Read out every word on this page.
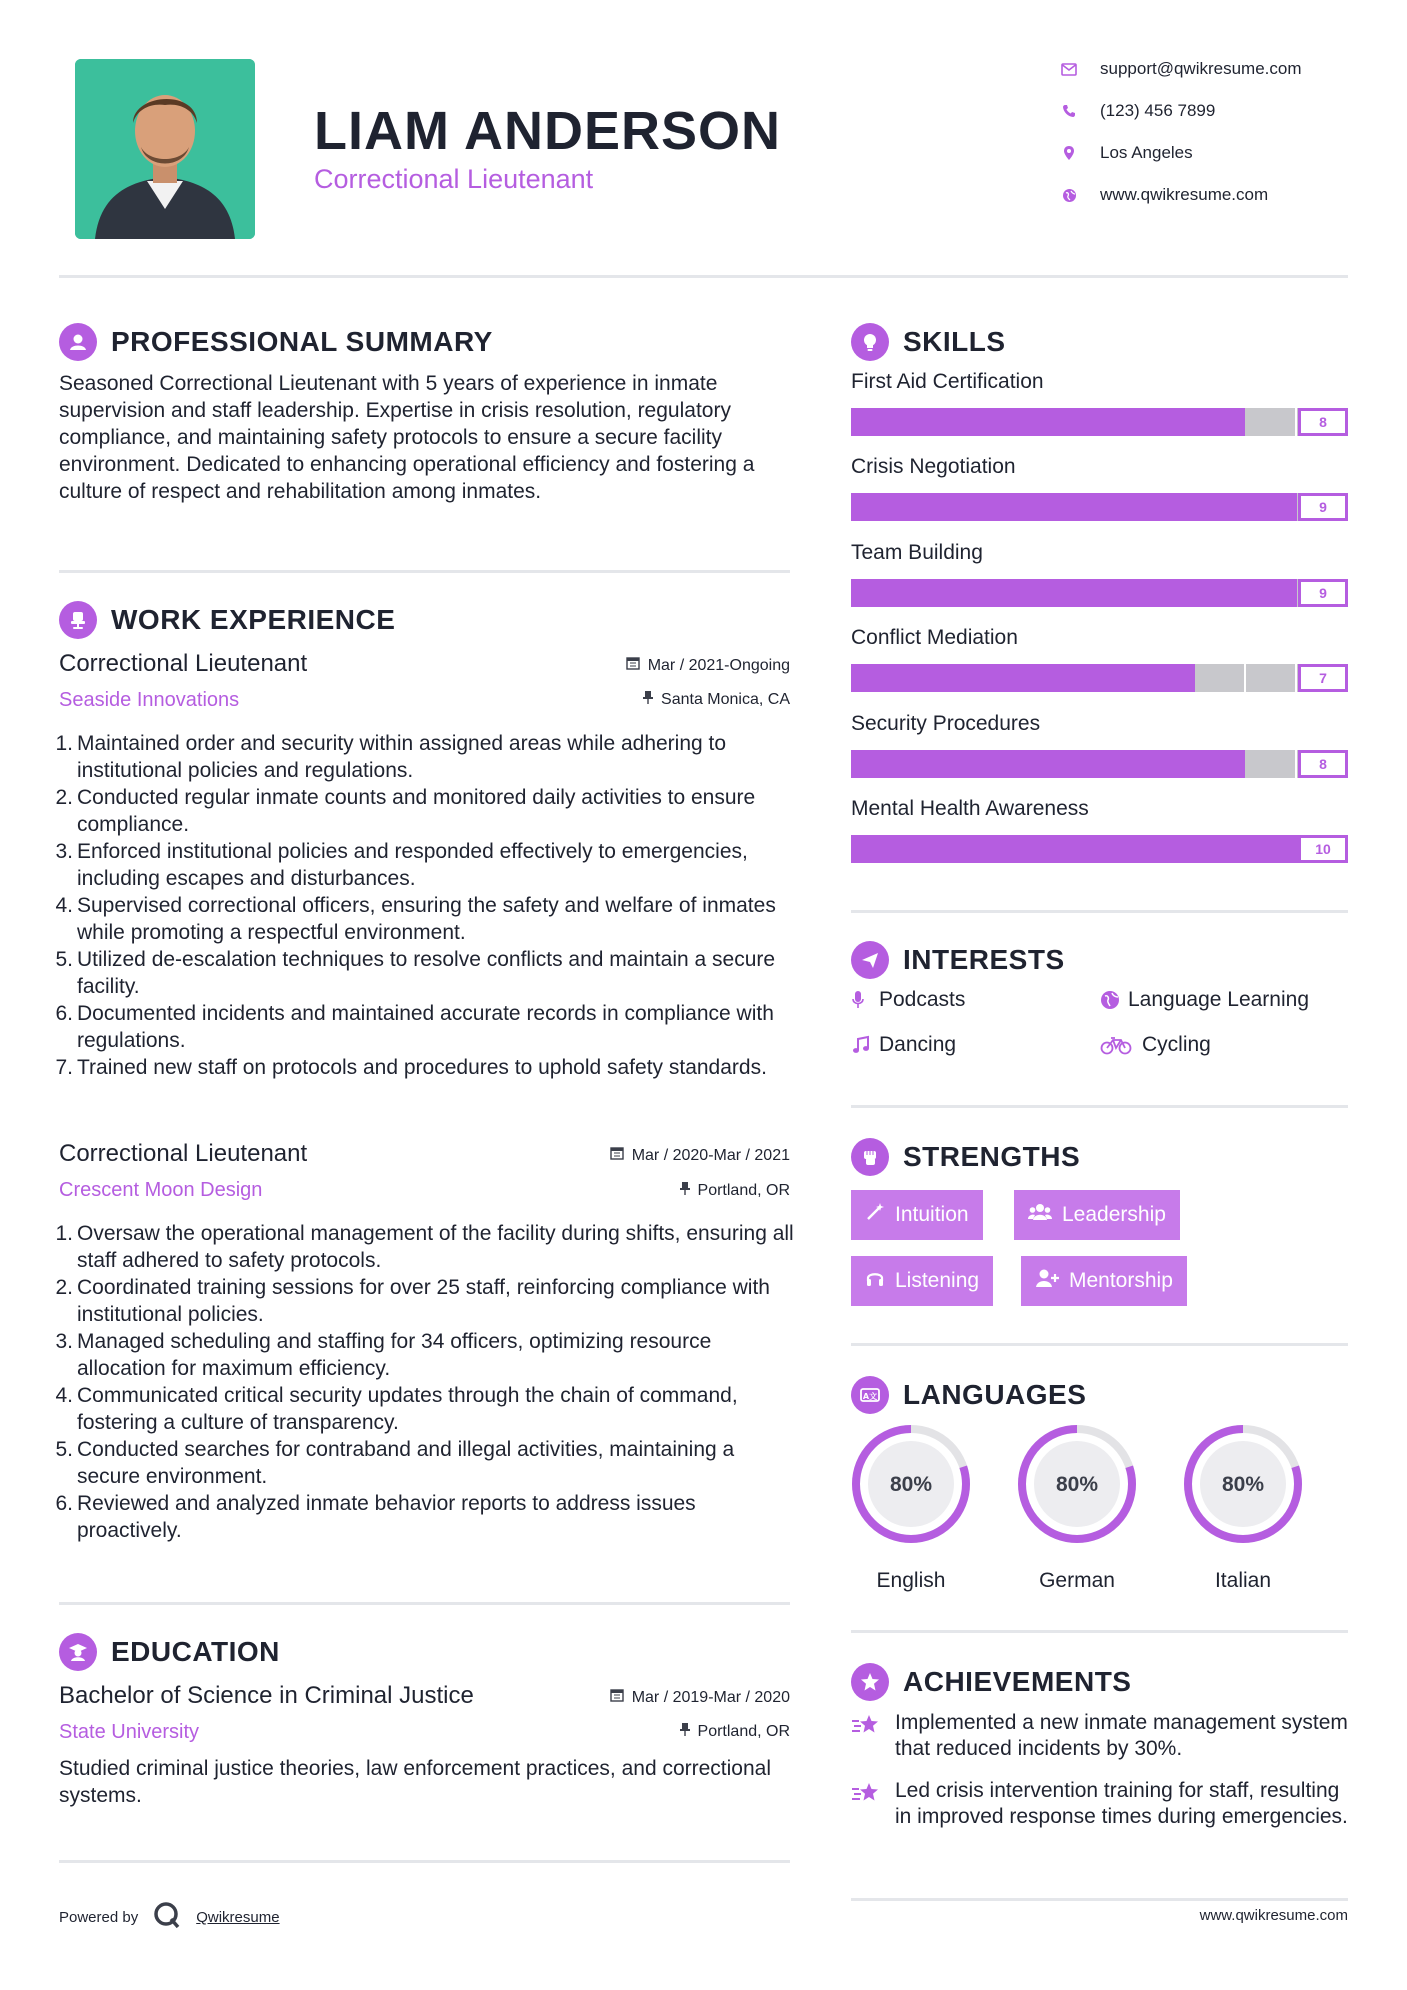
LIAM ANDERSON
Correctional Lieutenant
support@qwikresume.com
(123) 456 7899
Los Angeles
www.qwikresume.com
PROFESSIONAL SUMMARY
Seasoned Correctional Lieutenant with 5 years of experience in inmate supervision and staff leadership. Expertise in crisis resolution, regulatory compliance, and maintaining safety protocols to ensure a secure facility environment. Dedicated to enhancing operational efficiency and fostering a culture of respect and rehabilitation among inmates.
WORK EXPERIENCE
Correctional Lieutenant	Mar / 2021-Ongoing
Seaside Innovations	Santa Monica, CA
1. Maintained order and security within assigned areas while adhering to institutional policies and regulations.
2. Conducted regular inmate counts and monitored daily activities to ensure compliance.
3. Enforced institutional policies and responded effectively to emergencies, including escapes and disturbances.
4. Supervised correctional officers, ensuring the safety and welfare of inmates while promoting a respectful environment.
5. Utilized de-escalation techniques to resolve conflicts and maintain a secure facility.
6. Documented incidents and maintained accurate records in compliance with regulations.
7. Trained new staff on protocols and procedures to uphold safety standards.
Correctional Lieutenant	Mar / 2020-Mar / 2021
Crescent Moon Design	Portland, OR
1. Oversaw the operational management of the facility during shifts, ensuring all staff adhered to safety protocols.
2. Coordinated training sessions for over 25 staff, reinforcing compliance with institutional policies.
3. Managed scheduling and staffing for 34 officers, optimizing resource allocation for maximum efficiency.
4. Communicated critical security updates through the chain of command, fostering a culture of transparency.
5. Conducted searches for contraband and illegal activities, maintaining a secure environment.
6. Reviewed and analyzed inmate behavior reports to address issues proactively.
EDUCATION
Bachelor of Science in Criminal Justice	Mar / 2019-Mar / 2020
State University	Portland, OR
Studied criminal justice theories, law enforcement practices, and correctional systems.
Powered by	Qwikresume
SKILLS
First Aid Certification
8
Crisis Negotiation
9
Team Building
9
Conflict Mediation
7
Security Procedures
8
Mental Health Awareness
10
INTERESTS
Podcasts	Language Learning
Dancing	Cycling
STRENGTHS
Intuition	Leadership
Listening	Mentorship
A文 LANGUAGES
80%
English
80%
German
80%
Italian
ACHIEVEMENTS
Implemented a new inmate management system that reduced incidents by 30%.
Led crisis intervention training for staff, resulting in improved response times during emergencies.
www.qwikresume.com
